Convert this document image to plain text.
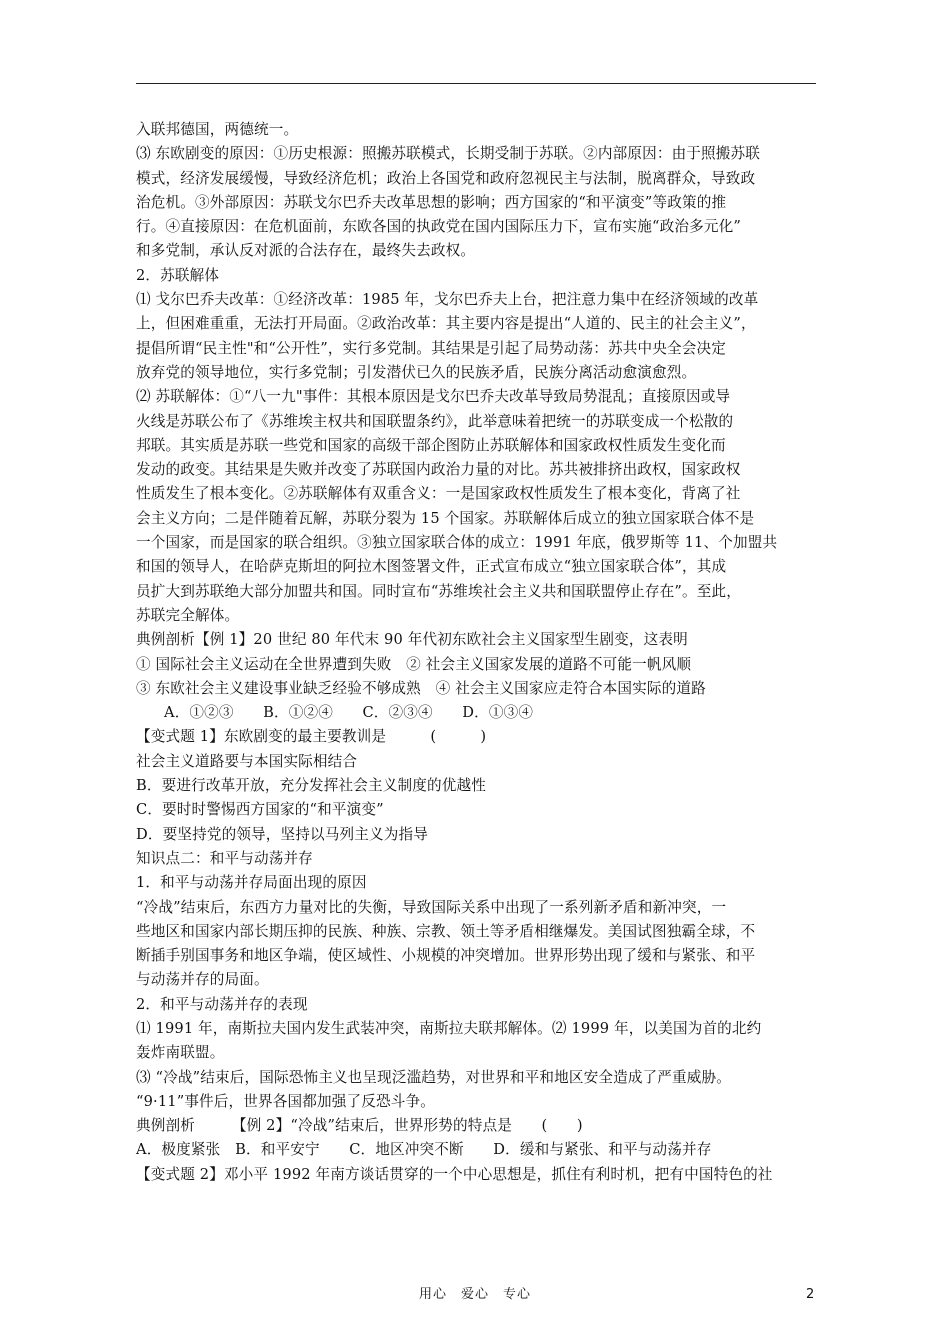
入联邦德国，两德统一。
⑶ 东欧剧变的原因：①历史根源：照搬苏联模式，长期受制于苏联。②内部原因：由于照搬苏联
模式，经济发展缓慢，导致经济危机；政治上各国党和政府忽视民主与法制，脱离群众，导致政
治危机。③外部原因：苏联戈尔巴乔夫改革思想的影响；西方国家的“和平演变”等政策的推
行。④直接原因：在危机面前，东欧各国的执政党在国内国际压力下，宣布实施“政治多元化”
和多党制，承认反对派的合法存在，最终失去政权。
2．苏联解体
⑴ 戈尔巴乔夫改革：①经济改革：1985 年，戈尔巴乔夫上台，把注意力集中在经济领域的改革
上，但困难重重，无法打开局面。②政治改革：其主要内容是提出“人道的、民主的社会主义”，
提倡所谓“民主性"和“公开性”，实行多党制。其结果是引起了局势动荡：苏共中央全会决定
放弃党的领导地位，实行多党制；引发潜伏已久的民族矛盾，民族分离活动愈演愈烈。
⑵ 苏联解体：①“八一九"事件：其根本原因是戈尔巴乔夫改革导致局势混乱；直接原因或导
火线是苏联公布了《苏维埃主权共和国联盟条约》，此举意味着把统一的苏联变成一个松散的
邦联。其实质是苏联一些党和国家的高级干部企图防止苏联解体和国家政权性质发生变化而
发动的政变。其结果是失败并改变了苏联国内政治力量的对比。苏共被排挤出政权，国家政权
性质发生了根本变化。②苏联解体有双重含义：一是国家政权性质发生了根本变化，背离了社
会主义方向；二是伴随着瓦解，苏联分裂为 15 个国家。苏联解体后成立的独立国家联合体不是
一个国家，而是国家的联合组织。③独立国家联合体的成立：1991 年底，俄罗斯等 11、个加盟共
和国的领导人，在哈萨克斯坦的阿拉木图签署文件，正式宣布成立“独立国家联合体”，其成
员扩大到苏联绝大部分加盟共和国。同时宣布“苏维埃社会主义共和国联盟停止存在”。至此，
苏联完全解体。
典例剖析【例 1】20 世纪 80 年代末 90 年代初东欧社会主义国家型生剧变，这表明
① 国际社会主义运动在全世界遭到失败　② 社会主义国家发展的道路不可能一帆风顺
③ 东欧社会主义建设事业缺乏经验不够成熟　④ 社会主义国家应走符合本国实际的道路
A．①②③　　B．①②④　　C．②③④　　D．①③④
【变式题 1】东欧剧变的最主要教训是　　　(　　　)
社会主义道路要与本国实际相结合
B．要进行改革开放，充分发挥社会主义制度的优越性
C．要时时警惕西方国家的“和平演变”
D．要坚持党的领导，坚持以马列主义为指导
知识点二：和平与动荡并存
1．和平与动荡并存局面出现的原因
“冷战”结束后，东西方力量对比的失衡，导致国际关系中出现了一系列新矛盾和新冲突，一
些地区和国家内部长期压抑的民族、种族、宗教、领土等矛盾相继爆发。美国试图独霸全球，不
断插手别国事务和地区争端，使区域性、小规模的冲突增加。世界形势出现了缓和与紧张、和平
与动荡并存的局面。
2．和平与动荡并存的表现
⑴ 1991 年，南斯拉夫国内发生武装冲突，南斯拉夫联邦解体。⑵ 1999 年，以美国为首的北约
轰炸南联盟。
⑶ “冷战”结束后，国际恐怖主义也呈现泛滥趋势，对世界和平和地区安全造成了严重威胁。
“9·11”事件后，世界各国都加强了反恐斗争。
典例剖析　　　【例 2】“冷战”结束后，世界形势的特点是　　(　　)
A．极度紧张　B．和平安宁　　C．地区冲突不断　　D．缓和与紧张、和平与动荡并存
【变式题 2】邓小平 1992 年南方谈话贯穿的一个中心思想是，抓住有利时机，把有中国特色的社
用心　爱心　专心	2
